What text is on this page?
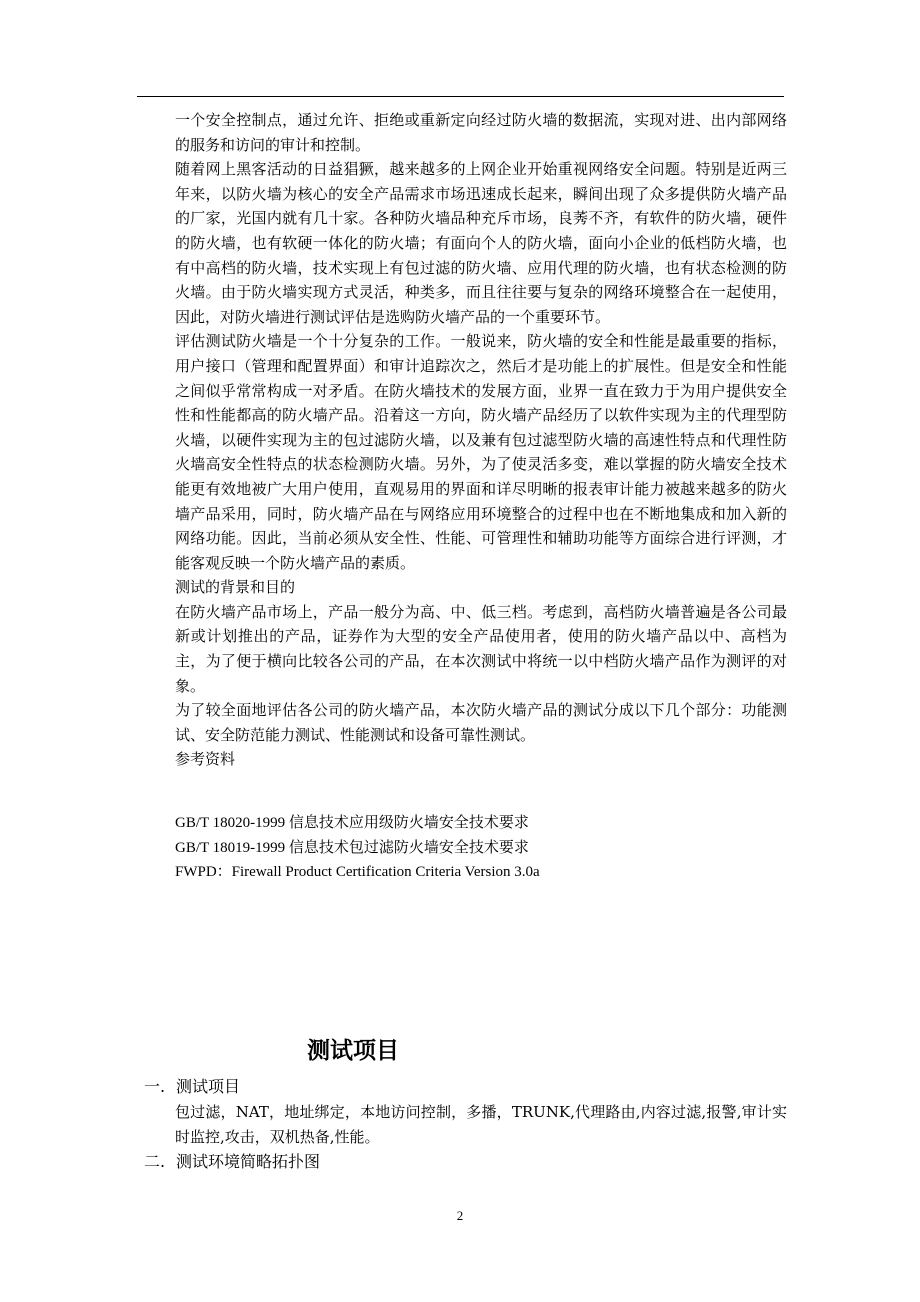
一个安全控制点，通过允许、拒绝或重新定向经过防火墙的数据流，实现对进、出内部网络的服务和访问的审计和控制。

随着网上黑客活动的日益猖獗，越来越多的上网企业开始重视网络安全问题。特别是近两三年来，以防火墙为核心的安全产品需求市场迅速成长起来，瞬间出现了众多提供防火墙产品的厂家，光国内就有几十家。各种防火墙品种充斥市场，良莠不齐，有软件的防火墙，硬件的防火墙，也有软硬一体化的防火墙；有面向个人的防火墙，面向小企业的低档防火墙，也有中高档的防火墙，技术实现上有包过滤的防火墙、应用代理的防火墙，也有状态检测的防火墙。由于防火墙实现方式灵活，种类多，而且往往要与复杂的网络环境整合在一起使用，因此，对防火墙进行测试评估是选购防火墙产品的一个重要环节。

评估测试防火墙是一个十分复杂的工作。一般说来，防火墙的安全和性能是最重要的指标，用户接口（管理和配置界面）和审计追踪次之，然后才是功能上的扩展性。但是安全和性能之间似乎常常构成一对矛盾。在防火墙技术的发展方面，业界一直在致力于为用户提供安全性和性能都高的防火墙产品。沿着这一方向，防火墙产品经历了以软件实现为主的代理型防火墙，以硬件实现为主的包过滤防火墙，以及兼有包过滤型防火墙的高速性特点和代理性防火墙高安全性特点的状态检测防火墙。另外，为了使灵活多变，难以掌握的防火墙安全技术能更有效地被广大用户使用，直观易用的界面和详尽明晰的报表审计能力被越来越多的防火墙产品采用，同时，防火墙产品在与网络应用环境整合的过程中也在不断地集成和加入新的网络功能。因此，当前必须从安全性、性能、可管理性和辅助功能等方面综合进行评测，才能客观反映一个防火墙产品的素质。

测试的背景和目的

在防火墙产品市场上，产品一般分为高、中、低三档。考虑到，高档防火墙普遍是各公司最新或计划推出的产品，证券作为大型的安全产品使用者，使用的防火墙产品以中、高档为主，为了便于横向比较各公司的产品，在本次测试中将统一以中档防火墙产品作为测评的对象。

为了较全面地评估各公司的防火墙产品，本次防火墙产品的测试分成以下几个部分：功能测试、安全防范能力测试、性能测试和设备可靠性测试。

参考资料

GB/T 18020-1999 信息技术应用级防火墙安全技术要求
GB/T 18019-1999 信息技术包过滤防火墙安全技术要求
FWPD：Firewall Product Certification Criteria Version 3.0a
测试项目
一. 测试项目

包过滤，NAT，地址绑定，本地访问控制，多播，TRUNK,代理路由,内容过滤,报警,审计实时监控,攻击，双机热备,性能。

二. 测试环境简略拓扑图
2
